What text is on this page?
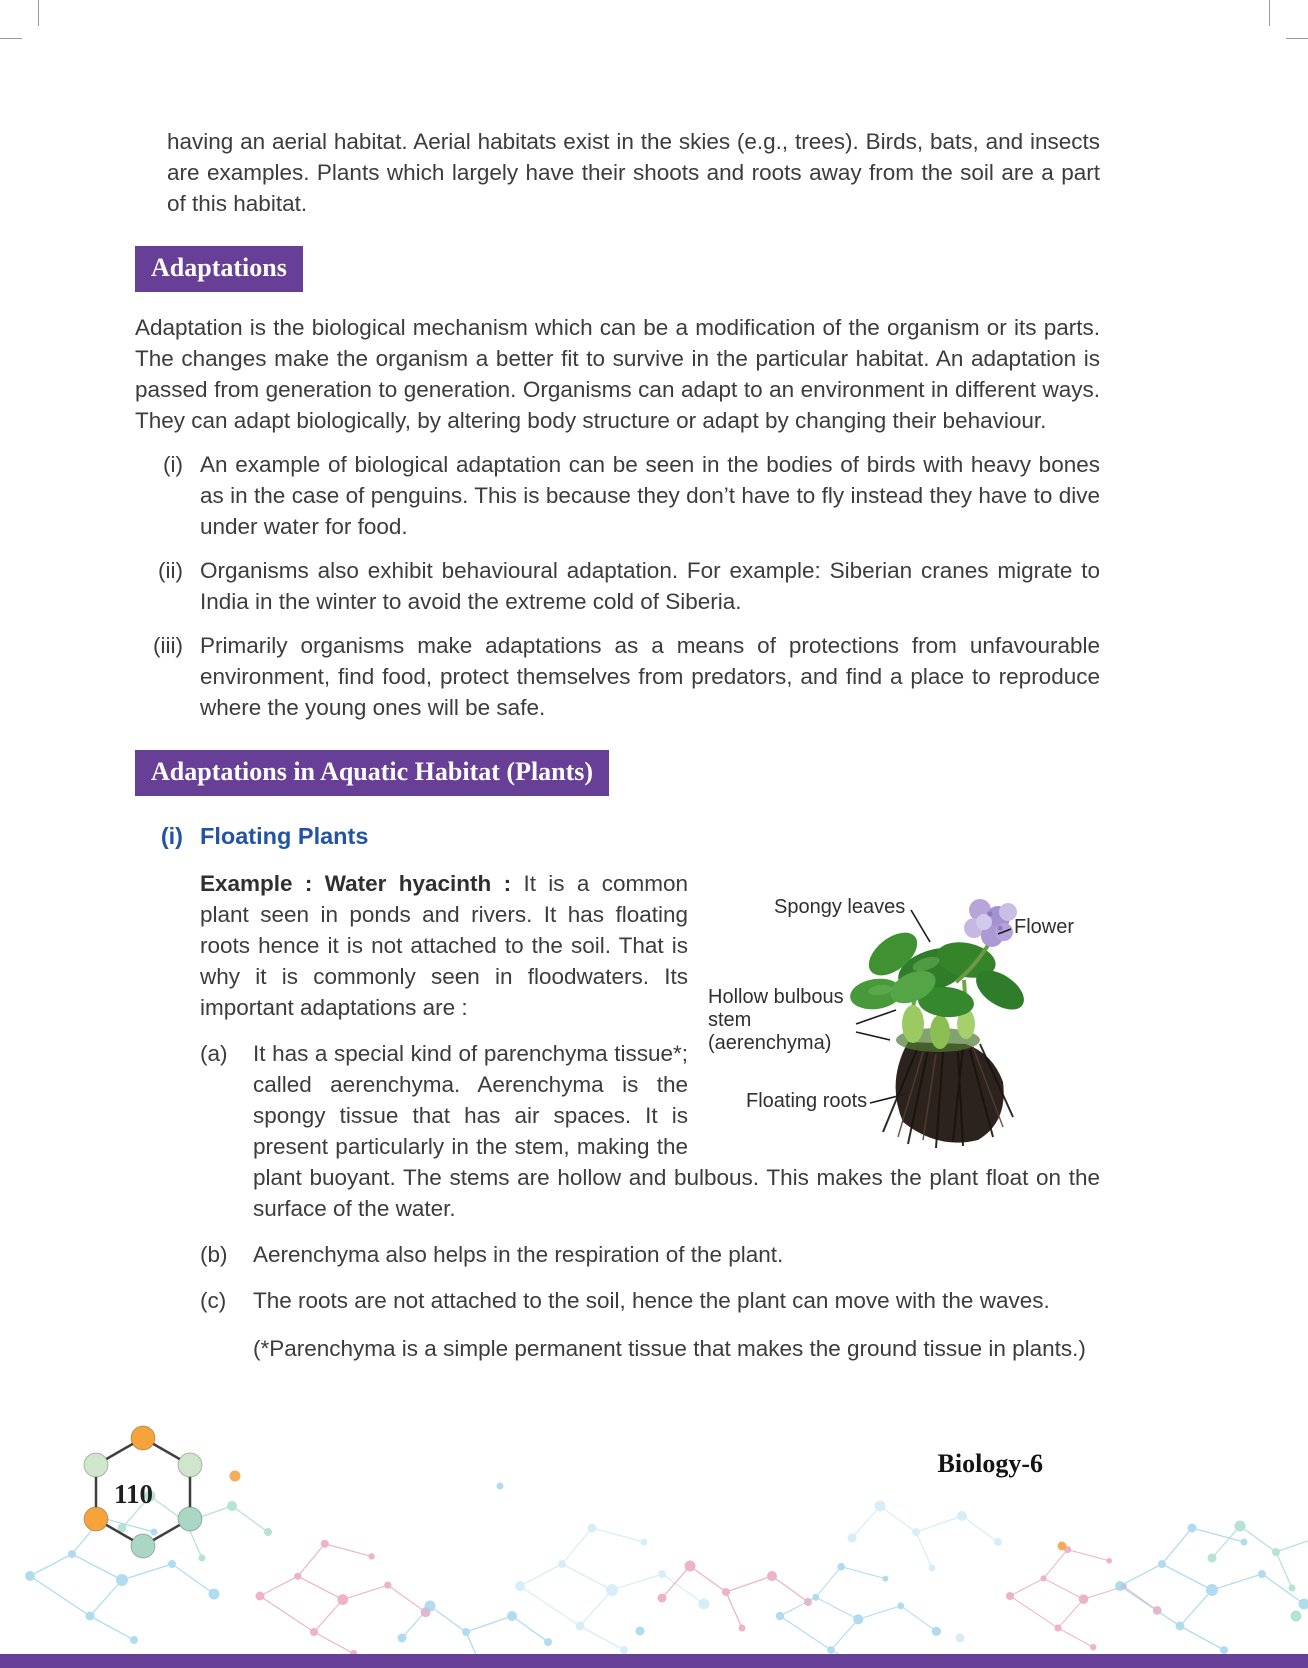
having an aerial habitat. Aerial habitats exist in the skies (e.g., trees). Birds, bats, and insects are examples. Plants which largely have their shoots and roots away from the soil are a part of this habitat.

Adaptations

Adaptation is the biological mechanism which can be a modification of the organism or its parts. The changes make the organism a better fit to survive in the particular habitat. An adaptation is passed from generation to generation. Organisms can adapt to an environment in different ways. They can adapt biologically, by altering body structure or adapt by changing their behaviour.

(i) An example of biological adaptation can be seen in the bodies of birds with heavy bones as in the case of penguins. This is because they don’t have to fly instead they have to dive under water for food.

(ii) Organisms also exhibit behavioural adaptation. For example: Siberian cranes migrate to India in the winter to avoid the extreme cold of Siberia.

(iii) Primarily organisms make adaptations as a means of protections from unfavourable environment, find food, protect themselves from predators, and find a place to reproduce where the young ones will be safe.

Adaptations in Aquatic Habitat (Plants)

(i) Floating Plants

Spongy leaves
Flower
Hollow bulbous stem (aerenchyma)
Floating roots

Example : Water hyacinth : It is a common plant seen in ponds and rivers. It has floating roots hence it is not attached to the soil. That is why it is commonly seen in floodwaters. Its important adaptations are :

(a) It has a special kind of parenchyma tissue*; called aerenchyma. Aerenchyma is the spongy tissue that has air spaces. It is present particularly in the stem, making the plant buoyant. The stems are hollow and bulbous. This makes the plant float on the surface of the water.

(b) Aerenchyma also helps in the respiration of the plant.

(c) The roots are not attached to the soil, hence the plant can move with the waves.

(*Parenchyma is a simple permanent tissue that makes the ground tissue in plants.)

110
Biology-6
